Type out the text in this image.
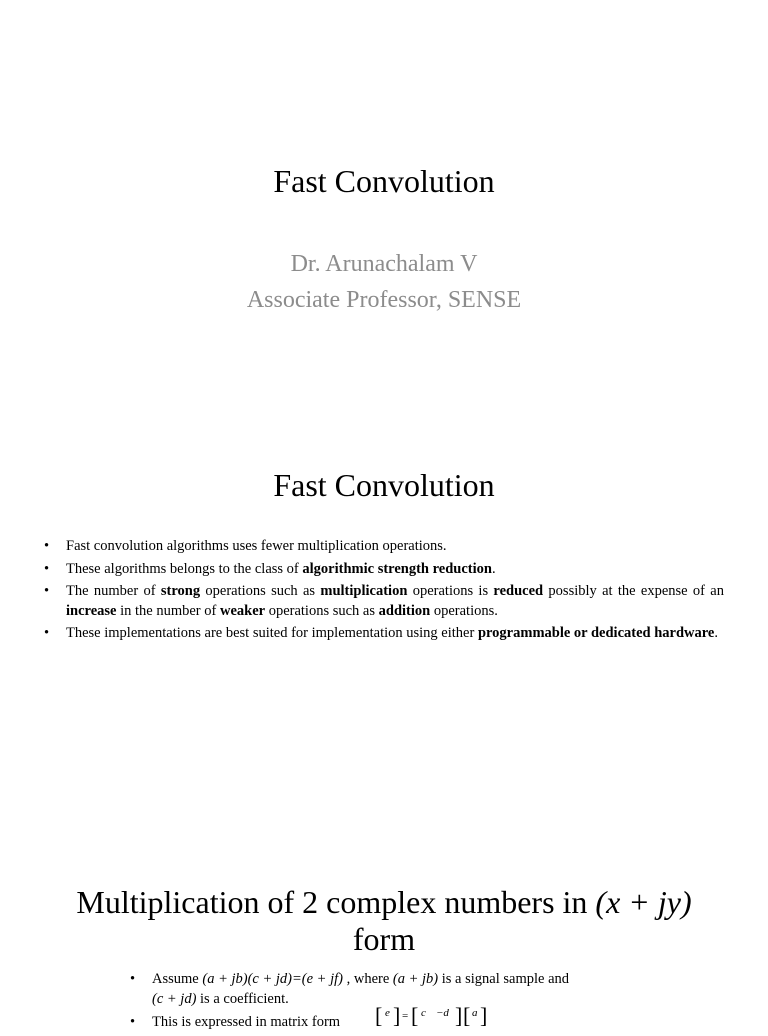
Fast Convolution
Dr. Arunachalam V
Associate Professor, SENSE
Fast Convolution
• Fast convolution algorithms uses fewer multiplication operations.
• These algorithms belongs to the class of algorithmic strength reduction.
• The number of strong operations such as multiplication operations is reduced possibly at the expense of an increase in the number of weaker operations such as addition operations.
• These implementations are best suited for implementation using either programmable or dedicated hardware.
Multiplication of 2 complex numbers in (x + jy)
form
• Assume (a + jb)(c + jd)=(e + jf) , where (a + jb) is a signal sample and
(c + jd) is a coefficient.
• This is expressed in matrix form	[ e ] = [ c −d ] [ a ]
